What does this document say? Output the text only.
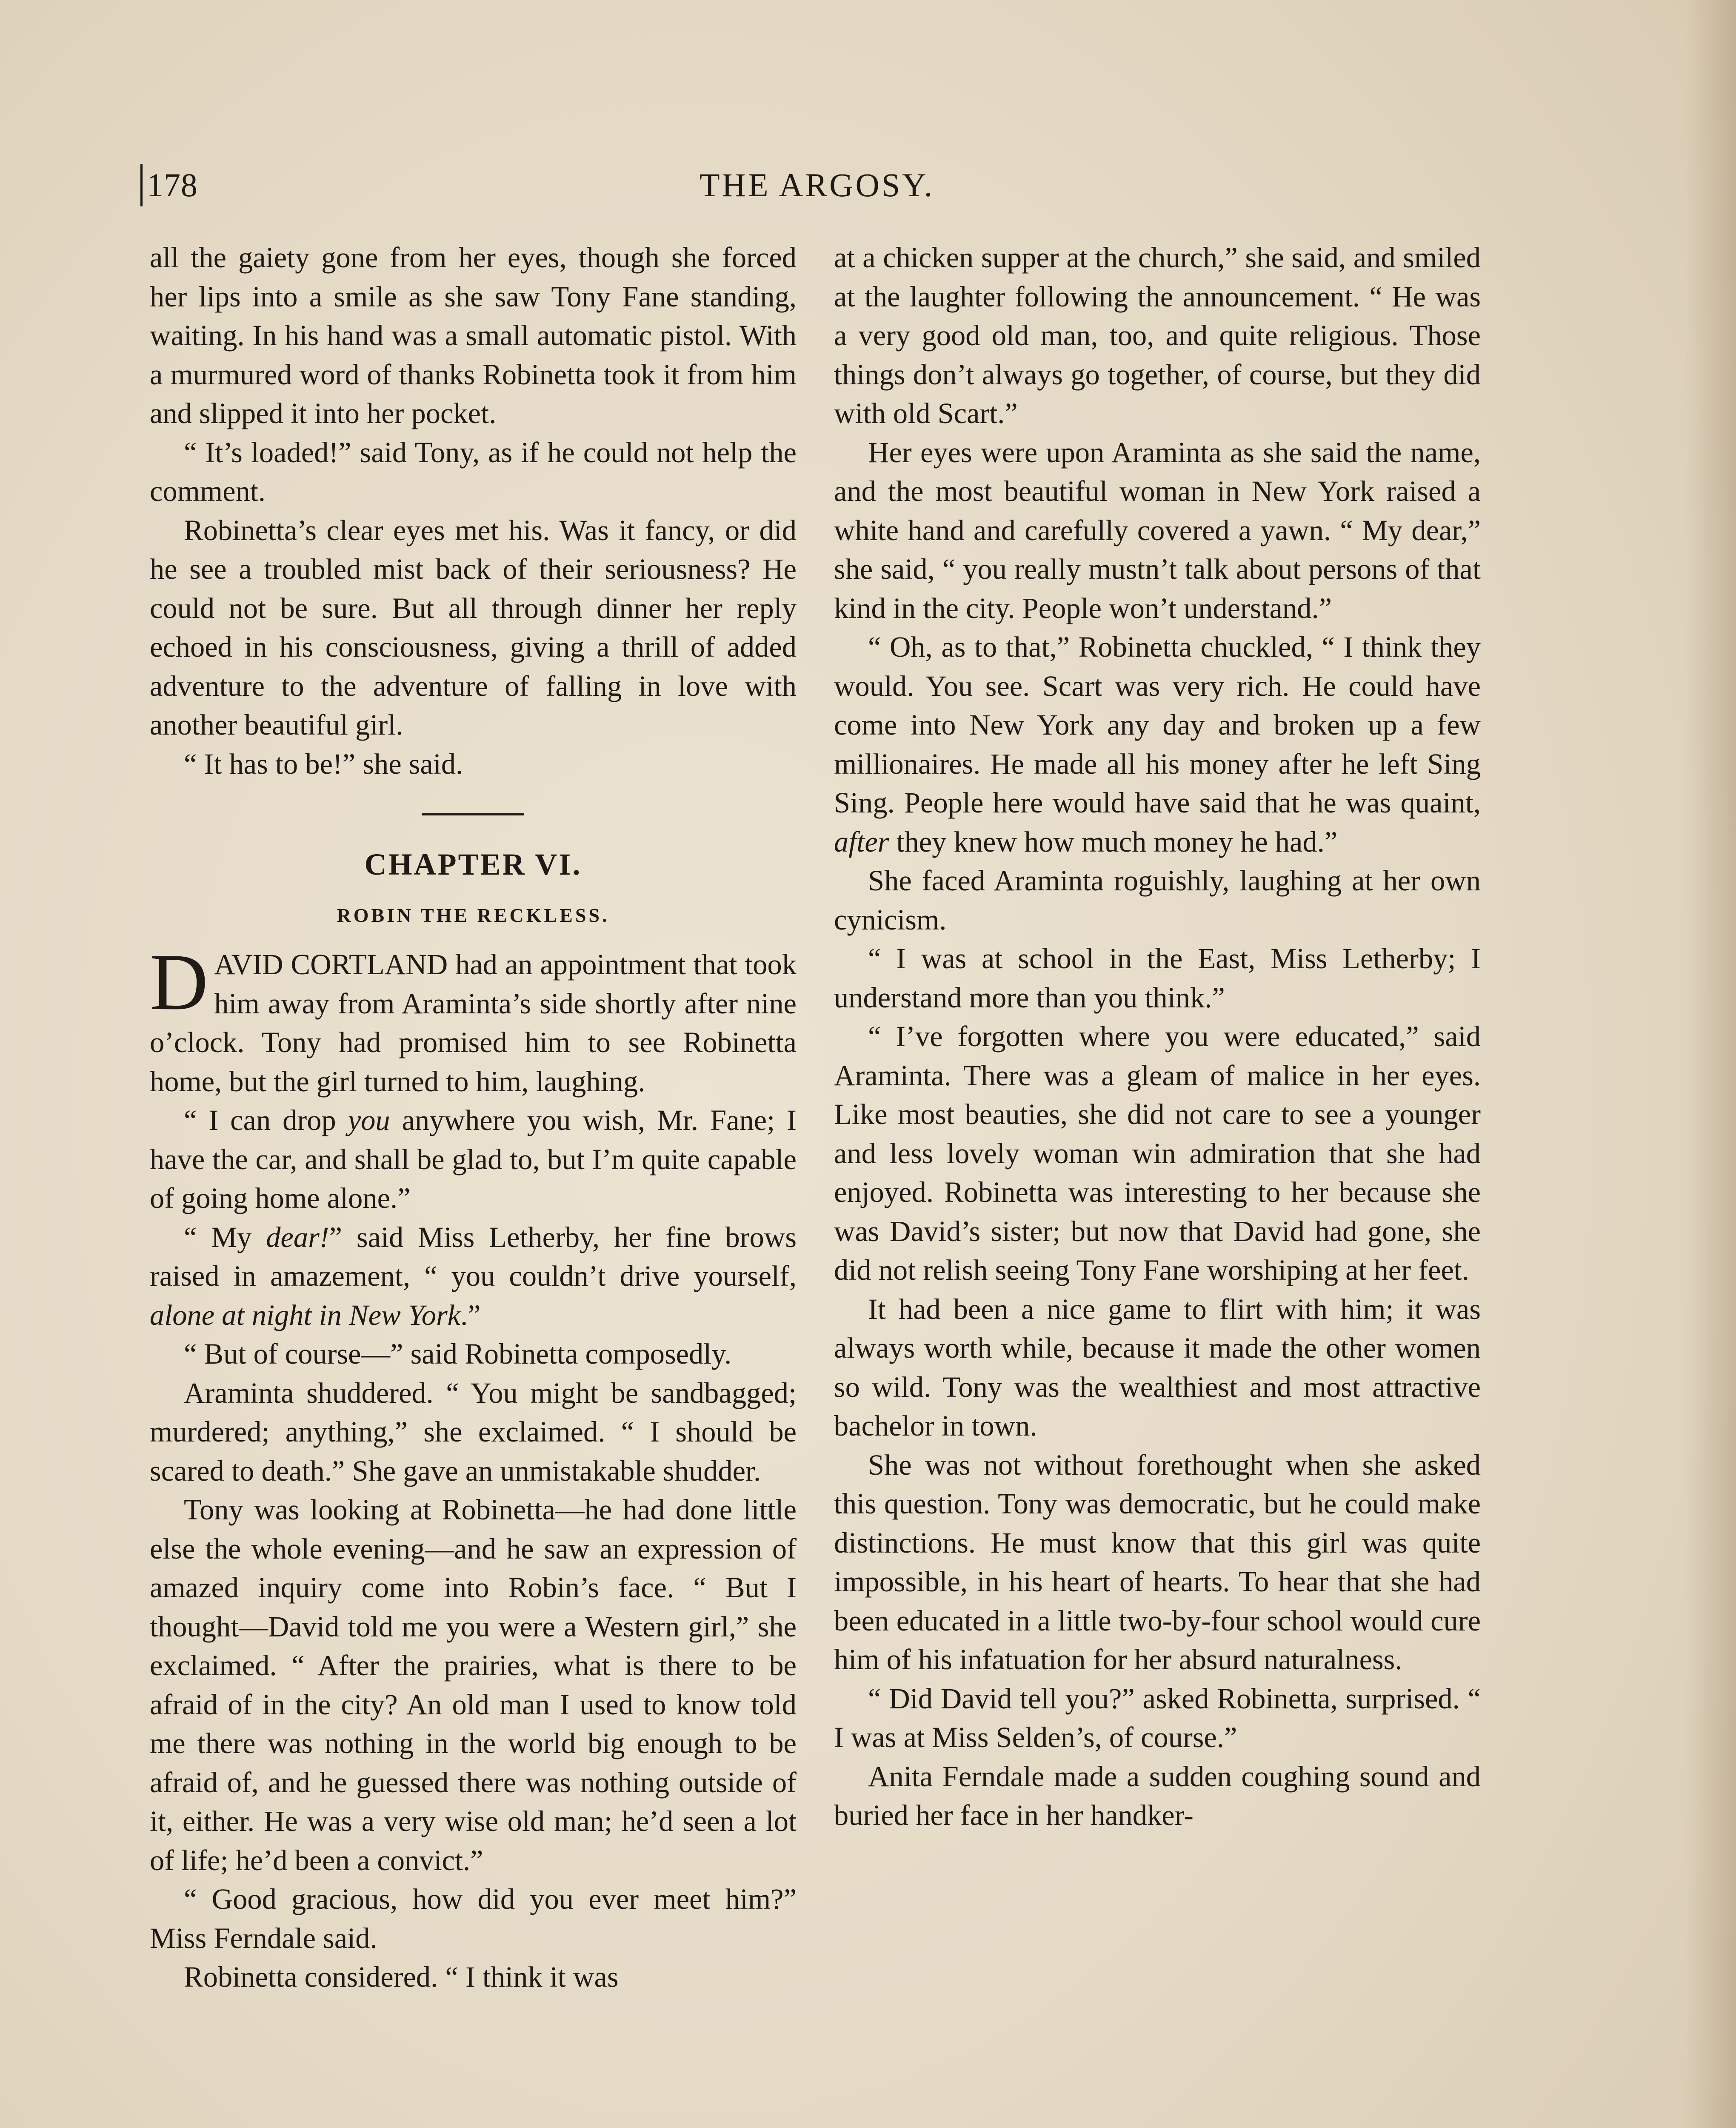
178	THE ARGOSY.

all the gaiety gone from her eyes, though she forced her lips into a smile as she saw Tony Fane standing, waiting. In his hand was a small automatic pistol. With a murmured word of thanks Robinetta took it from him and slipped it into her pocket.

“ It’s loaded!” said Tony, as if he could not help the comment.

Robinetta’s clear eyes met his. Was it fancy, or did he see a troubled mist back of their seriousness? He could not be sure. But all through dinner her reply echoed in his consciousness, giving a thrill of added adventure to the adventure of falling in love with another beautiful girl.

“ It has to be!” she said.

CHAPTER VI.
ROBIN THE RECKLESS.

DAVID CORTLAND had an appointment that took him away from Araminta’s side shortly after nine o’clock. Tony had promised him to see Robinetta home, but the girl turned to him, laughing.

“ I can drop you anywhere you wish, Mr. Fane; I have the car, and shall be glad to, but I’m quite capable of going home alone.”

“ My dear!” said Miss Letherby, her fine brows raised in amazement, “ you couldn’t drive yourself, alone at night in New York.”

“ But of course—” said Robinetta composedly.

Araminta shuddered. “ You might be sandbagged; murdered; anything,” she exclaimed. “ I should be scared to death.” She gave an unmistakable shudder.

Tony was looking at Robinetta—he had done little else the whole evening—and he saw an expression of amazed inquiry come into Robin’s face. “ But I thought—David told me you were a Western girl,” she exclaimed. “ After the prairies, what is there to be afraid of in the city? An old man I used to know told me there was nothing in the world big enough to be afraid of, and he guessed there was nothing outside of it, either. He was a very wise old man; he’d seen a lot of life; he’d been a convict.”

“ Good gracious, how did you ever meet him?” Miss Ferndale said.

Robinetta considered. “ I think it was

at a chicken supper at the church,” she said, and smiled at the laughter following the announcement. “ He was a very good old man, too, and quite religious. Those things don’t always go together, of course, but they did with old Scart.”

Her eyes were upon Araminta as she said the name, and the most beautiful woman in New York raised a white hand and carefully covered a yawn. “ My dear,” she said, “ you really mustn’t talk about persons of that kind in the city. People won’t understand.”

“ Oh, as to that,” Robinetta chuckled, “ I think they would. You see. Scart was very rich. He could have come into New York any day and broken up a few millionaires. He made all his money after he left Sing Sing. People here would have said that he was quaint, after they knew how much money he had.”

She faced Araminta roguishly, laughing at her own cynicism.

“ I was at school in the East, Miss Letherby; I understand more than you think.”

“ I’ve forgotten where you were educated,” said Araminta. There was a gleam of malice in her eyes. Like most beauties, she did not care to see a younger and less lovely woman win admiration that she had enjoyed. Robinetta was interesting to her because she was David’s sister; but now that David had gone, she did not relish seeing Tony Fane worshiping at her feet.

It had been a nice game to flirt with him; it was always worth while, because it made the other women so wild. Tony was the wealthiest and most attractive bachelor in town.

She was not without forethought when she asked this question. Tony was democratic, but he could make distinctions. He must know that this girl was quite impossible, in his heart of hearts. To hear that she had been educated in a little two-by-four school would cure him of his infatuation for her absurd naturalness.

“ Did David tell you?” asked Robinetta, surprised. “ I was at Miss Selden’s, of course.”

Anita Ferndale made a sudden coughing sound and buried her face in her handker-
